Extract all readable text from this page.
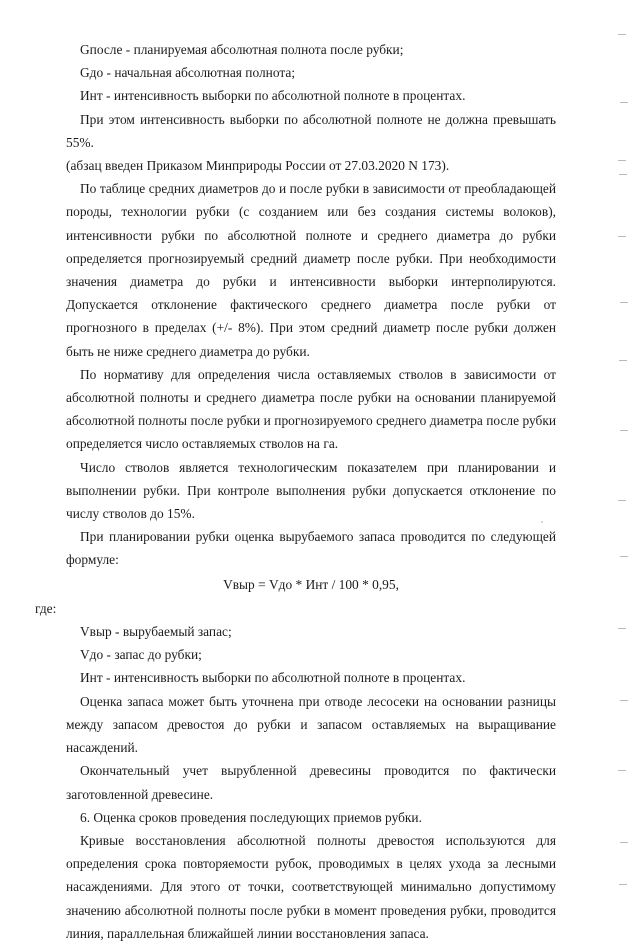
Gпосле - планируемая абсолютная полнота после рубки;

Gдо - начальная абсолютная полнота;

Инт - интенсивность выборки по абсолютной полноте в процентах.

При этом интенсивность выборки по абсолютной полноте не должна превышать 55%.

(абзац введен Приказом Минприроды России от 27.03.2020 N 173).

По таблице средних диаметров до и после рубки в зависимости от преобладающей породы, технологии рубки (с созданием или без создания системы волоков), интенсивности рубки по абсолютной полноте и среднего диаметра до рубки определяется прогнозируемый средний диаметр после рубки. При необходимости значения диаметра до рубки и интенсивности выборки интерполируются. Допускается отклонение фактического среднего диаметра после рубки от прогнозного в пределах (+/- 8%). При этом средний диаметр после рубки должен быть не ниже среднего диаметра до рубки.

По нормативу для определения числа оставляемых стволов в зависимости от абсолютной полноты и среднего диаметра после рубки на основании планируемой абсолютной полноты после рубки и прогнозируемого среднего диаметра после рубки определяется число оставляемых стволов на га.

Число стволов является технологическим показателем при планировании и выполнении рубки. При контроле выполнения рубки допускается отклонение по числу стволов до 15%.

При планировании рубки оценка вырубаемого запаса проводится по следующей формуле:

Vвыр = Vдо * Инт / 100 * 0,95,

где:

Vвыр - вырубаемый запас;

Vдо - запас до рубки;

Инт - интенсивность выборки по абсолютной полноте в процентах.

Оценка запаса может быть уточнена при отводе лесосеки на основании разницы между запасом древостоя до рубки и запасом оставляемых на выращивание насаждений.

Окончательный учет вырубленной древесины проводится по фактически заготовленной древесине.

6. Оценка сроков проведения последующих приемов рубки.

Кривые восстановления абсолютной полноты древостоя используются для определения срока повторяемости рубок, проводимых в целях ухода за лесными насаждениями. Для этого от точки, соответствующей минимально допустимому значению абсолютной полноты после рубки в момент проведения рубки, проводится линия, параллельная ближайшей линии восстановления запаса.
